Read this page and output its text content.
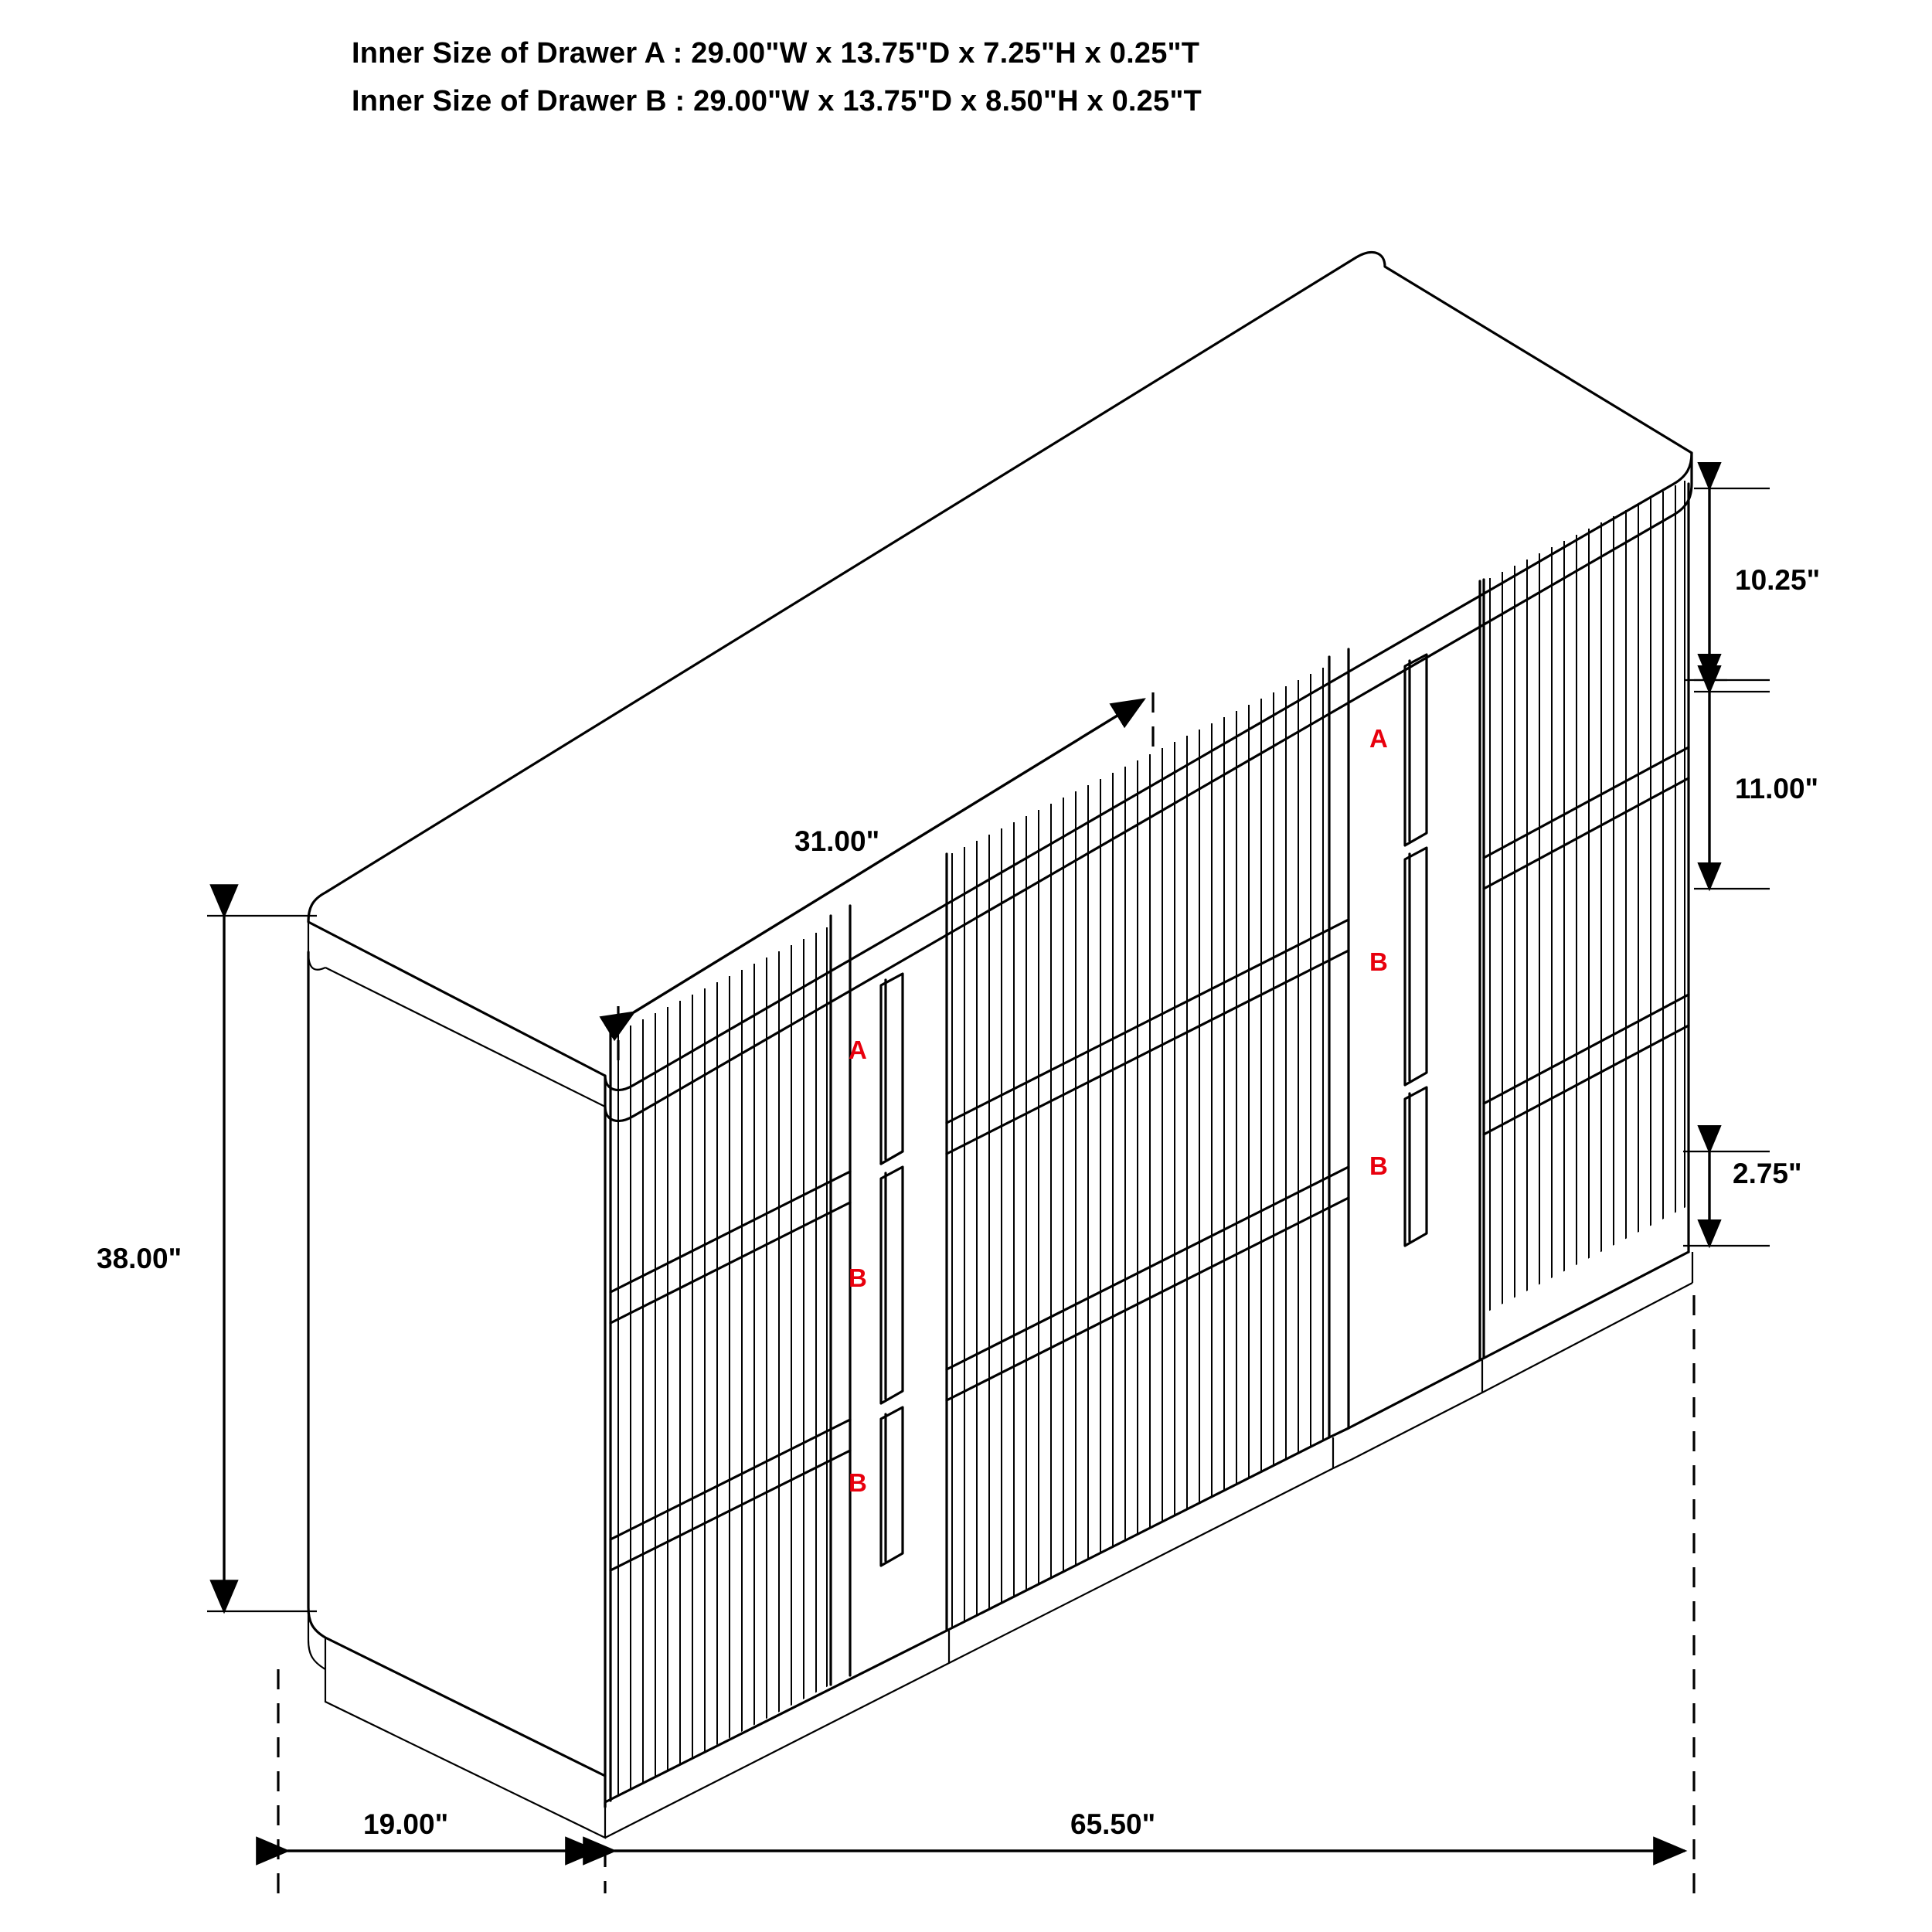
Inner Size of Drawer A : 29.00"W x 13.75"D x 7.25"H x 0.25"T
Inner Size of Drawer B : 29.00"W x 13.75"D x 8.50"H x 0.25"T
31.00"
38.00"
10.25"
11.00"
2.75"
19.00"	65.50"
A
B
B
A
B
B
